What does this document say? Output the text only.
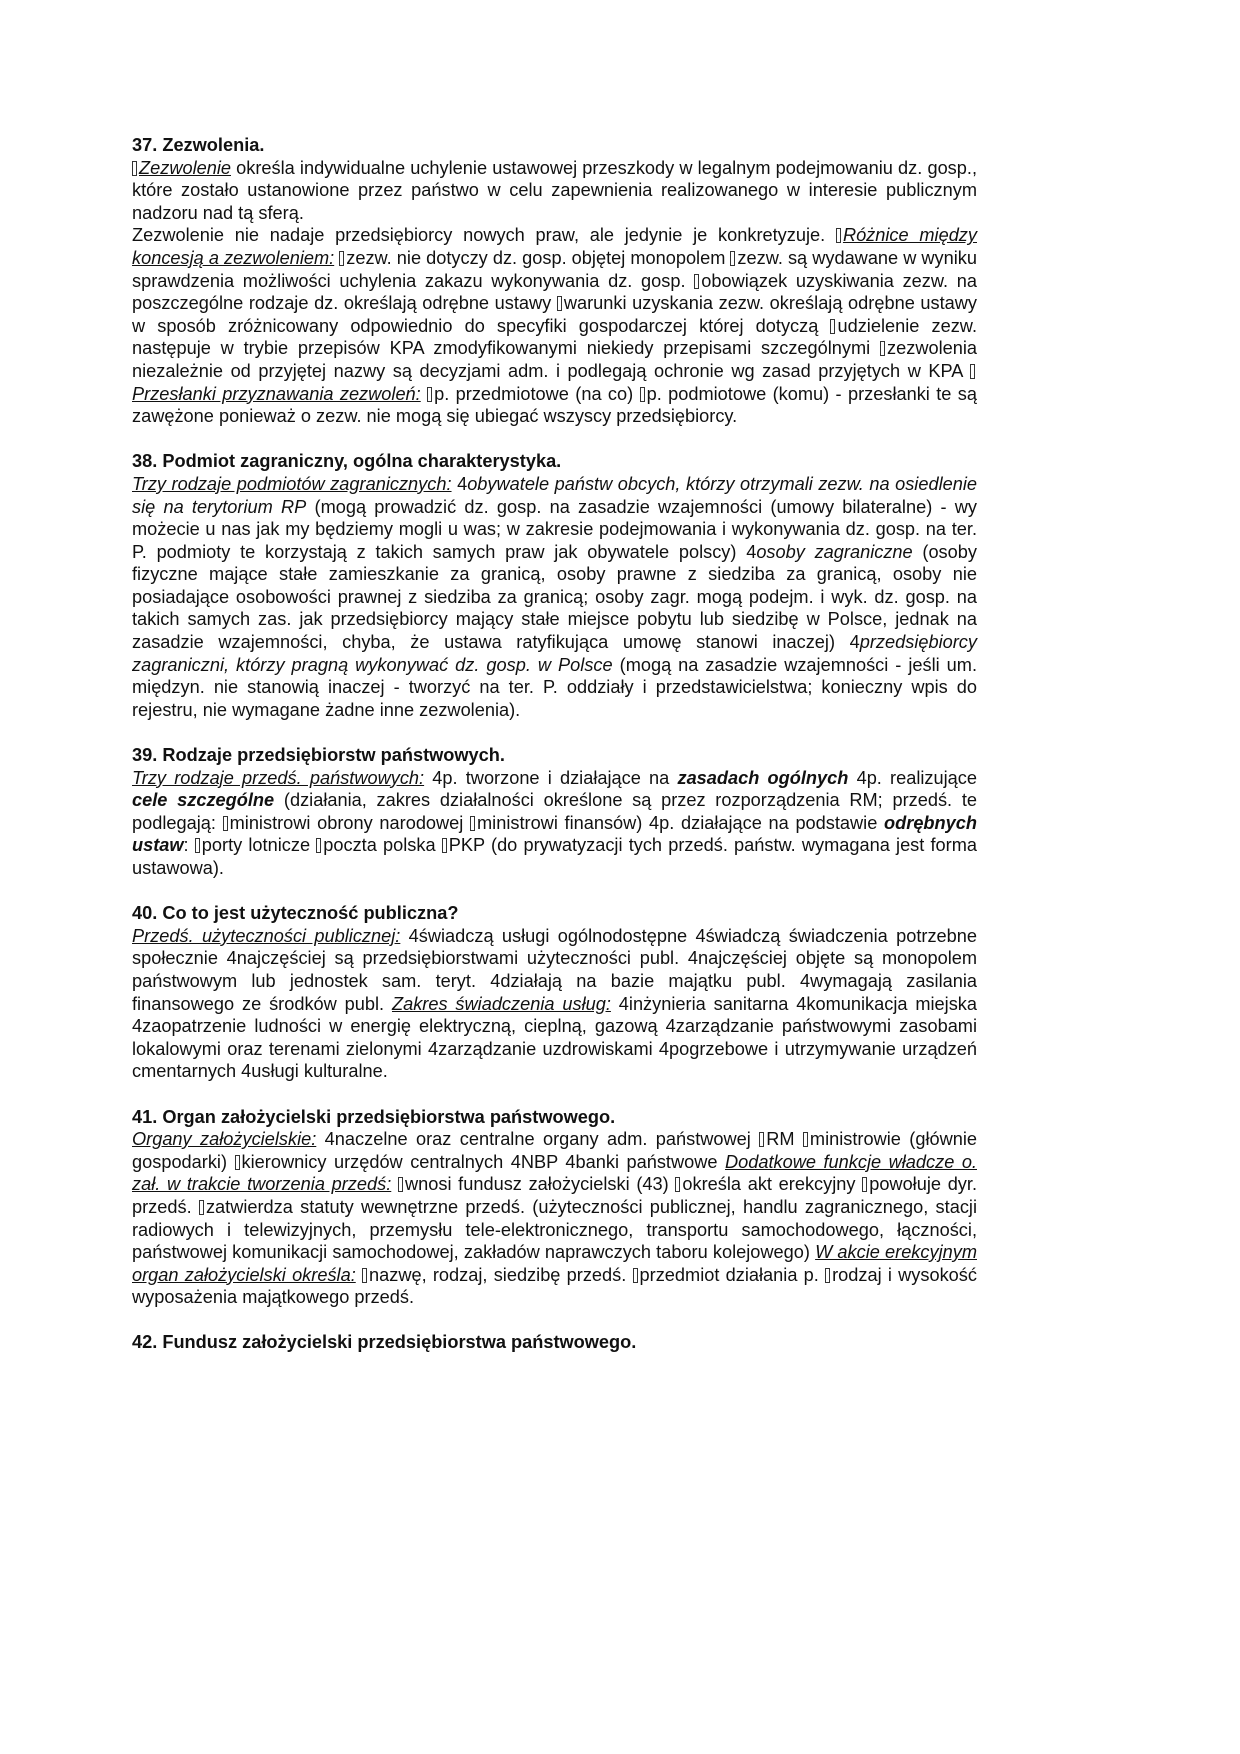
37. Zezwolenia.

Zezwolenie określa indywidualne uchylenie ustawowej przeszkody w legalnym podejmowaniu dz. gosp., które zostało ustanowione przez państwo w celu zapewnienia realizowanego w interesie publicznym nadzoru nad tą sferą.

Zezwolenie nie nadaje przedsiębiorcy nowych praw, ale jedynie je konkretyzuje. Różnice między koncesją a zezwoleniem: zezw. nie dotyczy dz. gosp. objętej monopolem zezw. są wydawane w wyniku sprawdzenia możliwości uchylenia zakazu wykonywania dz. gosp. obowiązek uzyskiwania zezw. na poszczególne rodzaje dz. określają odrębne ustawy warunki uzyskania zezw. określają odrębne ustawy w sposób zróżnicowany odpowiednio do specyfiki gospodarczej której dotyczą udzielenie zezw. następuje w trybie przepisów KPA zmodyfikowanymi niekiedy przepisami szczególnymi zezwolenia niezależnie od przyjętej nazwy są decyzjami adm. i podlegają ochronie wg zasad przyjętych w KPA Przesłanki przyznawania zezwoleń: p. przedmiotowe (na co) p. podmiotowe (komu) - przesłanki te są zawężone ponieważ o zezw. nie mogą się ubiegać wszyscy przedsiębiorcy.

38. Podmiot zagraniczny, ogólna charakterystyka.

Trzy rodzaje podmiotów zagranicznych: 4obywatele państw obcych, którzy otrzymali zezw. na osiedlenie się na terytorium RP (mogą prowadzić dz. gosp. na zasadzie wzajemności (umowy bilateralne) - wy możecie u nas jak my będziemy mogli u was; w zakresie podejmowania i wykonywania dz. gosp. na ter. P. podmioty te korzystają z takich samych praw jak obywatele polscy) 4osoby zagraniczne (osoby fizyczne mające stałe zamieszkanie za granicą, osoby prawne z siedziba za granicą, osoby nie posiadające osobowości prawnej z siedziba za granicą; osoby zagr. mogą podejm. i wyk. dz. gosp. na takich samych zas. jak przedsiębiorcy mający stałe miejsce pobytu lub siedzibę w Polsce, jednak na zasadzie wzajemności, chyba, że ustawa ratyfikująca umowę stanowi inaczej) 4przedsiębiorcy zagraniczni, którzy pragną wykonywać dz. gosp. w Polsce (mogą na zasadzie wzajemności - jeśli um. międzyn. nie stanowią inaczej - tworzyć na ter. P. oddziały i przedstawicielstwa; konieczny wpis do rejestru, nie wymagane żadne inne zezwolenia).

39. Rodzaje przedsiębiorstw państwowych.

Trzy rodzaje przedś. państwowych: 4p. tworzone i działające na zasadach ogólnych 4p. realizujące cele szczególne (działania, zakres działalności określone są przez rozporządzenia RM; przedś. te podlegają: ministrowi obrony narodowej ministrowi finansów) 4p. działające na podstawie odrębnych ustaw: porty lotnicze poczta polska PKP (do prywatyzacji tych przedś. państw. wymagana jest forma ustawowa).

40. Co to jest użyteczność publiczna?

Przedś. użyteczności publicznej: 4świadczą usługi ogólnodostępne 4świadczą świadczenia potrzebne społecznie 4najczęściej są przedsiębiorstwami użyteczności publ. 4najczęściej objęte są monopolem państwowym lub jednostek sam. teryt. 4działają na bazie majątku publ. 4wymagają zasilania finansowego ze środków publ. Zakres świadczenia usług: 4inżynieria sanitarna 4komunikacja miejska 4zaopatrzenie ludności w energię elektryczną, cieplną, gazową 4zarządzanie państwowymi zasobami lokalowymi oraz terenami zielonymi 4zarządzanie uzdrowiskami 4pogrzebowe i utrzymywanie urządzeń cmentarnych 4usługi kulturalne.

41. Organ założycielski przedsiębiorstwa państwowego.

Organy założycielskie: 4naczelne oraz centralne organy adm. państwowej RM ministrowie (głównie gospodarki) kierownicy urzędów centralnych 4NBP 4banki państwowe Dodatkowe funkcje władcze o. zał. w trakcie tworzenia przedś: wnosi fundusz założycielski (43) określa akt erekcyjny powołuje dyr. przedś. zatwierdza statuty wewnętrzne przedś. (użyteczności publicznej, handlu zagranicznego, stacji radiowych i telewizyjnych, przemysłu tele-elektronicznego, transportu samochodowego, łączności, państwowej komunikacji samochodowej, zakładów naprawczych taboru kolejowego) W akcie erekcyjnym organ założycielski określa: nazwę, rodzaj, siedzibę przedś. przedmiot działania p. rodzaj i wysokość wyposażenia majątkowego przedś.

42. Fundusz założycielski przedsiębiorstwa państwowego.
